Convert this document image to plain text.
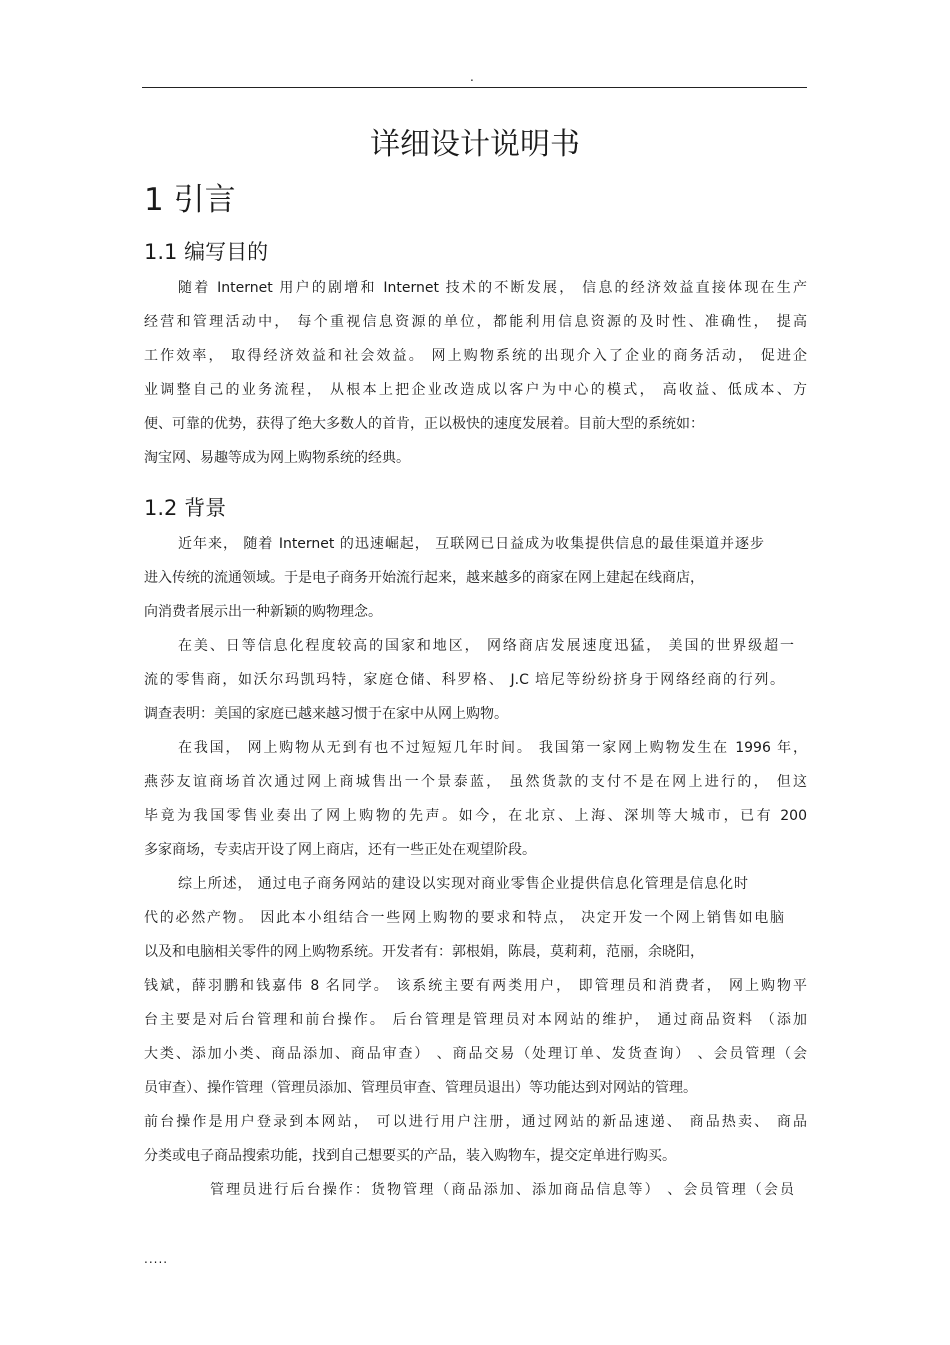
.
详细设计说明书
1 引言
1.1 编写目的
随着 Internet 用户的剧增和 Internet 技术的不断发展， 信息的经济效益直接体现在生产
经营和管理活动中， 每个重视信息资源的单位，都能利用信息资源的及时性、准确性， 提高
工作效率， 取得经济效益和社会效益。 网上购物系统的出现介入了企业的商务活动， 促进企
业调整自己的业务流程， 从根本上把企业改造成以客户为中心的模式， 高收益、低成本、方
便、可靠的优势，获得了绝大多数人的首肯，正以极快的速度发展着。目前大型的系统如：
淘宝网、易趣等成为网上购物系统的经典。
1.2 背景
近年来， 随着 Internet 的迅速崛起， 互联网已日益成为收集提供信息的最佳渠道并逐步
进入传统的流通领域。于是电子商务开始流行起来，越来越多的商家在网上建起在线商店，
向消费者展示出一种新颖的购物理念。
在美、日等信息化程度较高的国家和地区， 网络商店发展速度迅猛， 美国的世界级超一
流的零售商，如沃尔玛凯玛特，家庭仓储、科罗格、 J.C 培尼等纷纷挤身于网络经商的行列。
调查表明：美国的家庭已越来越习惯于在家中从网上购物。
在我国， 网上购物从无到有也不过短短几年时间。 我国第一家网上购物发生在 1996 年，
燕莎友谊商场首次通过网上商城售出一个景泰蓝， 虽然货款的支付不是在网上进行的， 但这
毕竟为我国零售业奏出了网上购物的先声。如今，在北京、上海、深圳等大城市，已有 200
多家商场，专卖店开设了网上商店，还有一些正处在观望阶段。
综上所述， 通过电子商务网站的建设以实现对商业零售企业提供信息化管理是信息化时
代的必然产物。 因此本小组结合一些网上购物的要求和特点， 决定开发一个网上销售如电脑
以及和电脑相关零件的网上购物系统。开发者有：郭根娟，陈晨，莫莉莉，范丽，余晓阳，
钱斌，薛羽鹏和钱嘉伟 8 名同学。 该系统主要有两类用户， 即管理员和消费者， 网上购物平
台主要是对后台管理和前台操作。 后台管理是管理员对本网站的维护， 通过商品资料 （添加
大类、添加小类、商品添加、商品审查） 、商品交易（处理订单、发货查询） 、会员管理（会
员审查）、操作管理（管理员添加、管理员审查、管理员退出）等功能达到对网站的管理。
前台操作是用户登录到本网站， 可以进行用户注册，通过网站的新品速递、 商品热卖、 商品
分类或电子商品搜索功能，找到自己想要买的产品，装入购物车，提交定单进行购买。
管理员进行后台操作：货物管理（商品添加、添加商品信息等） 、会员管理（会员
.....
